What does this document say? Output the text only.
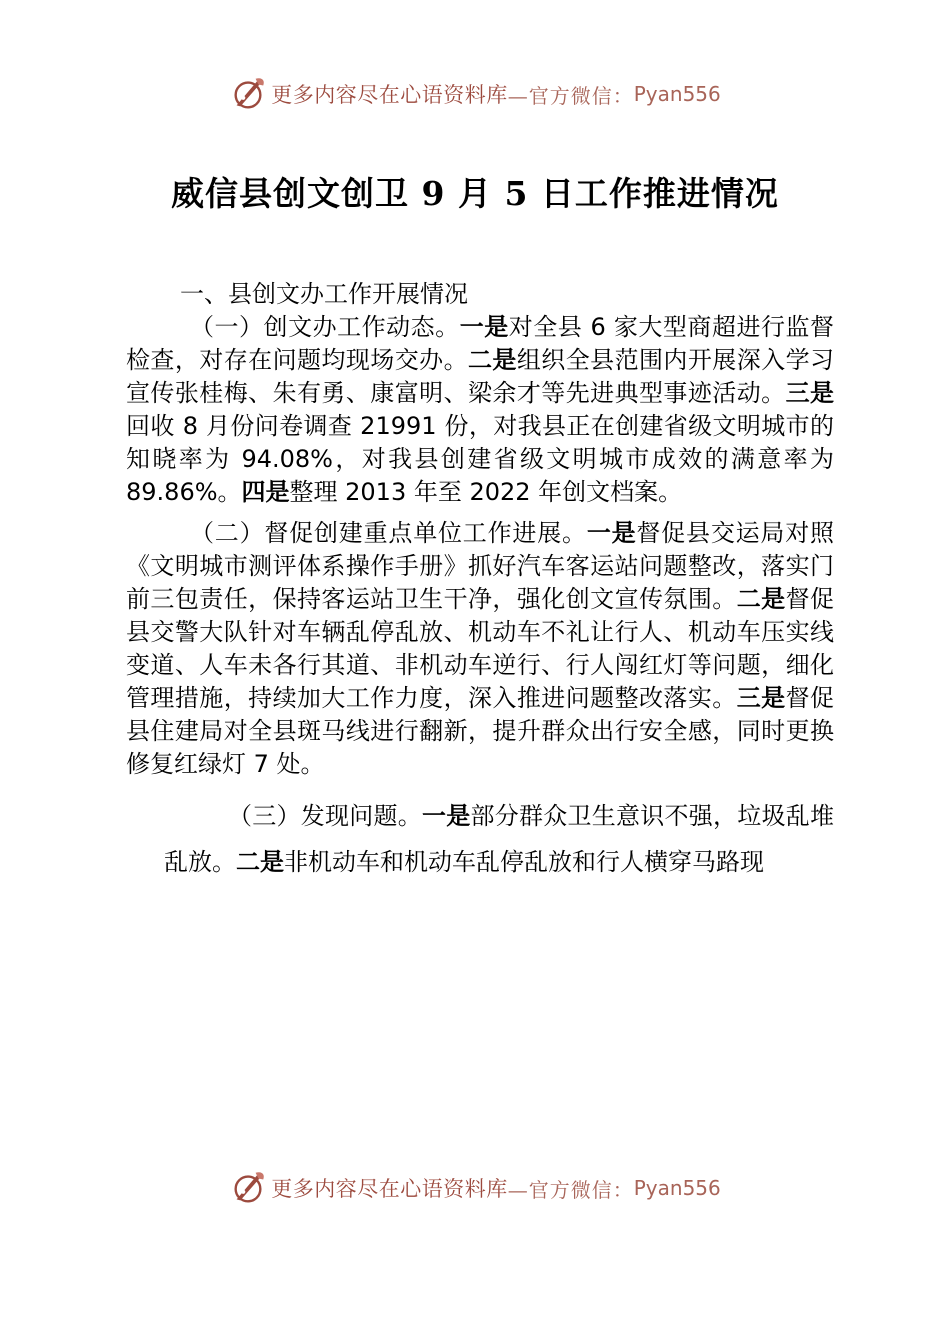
更多内容尽在心语资料库 —官方微信： Pyan556
威信县创文创卫 9 月 5 日工作推进情况

一、县创文办工作开展情况

（一）创文办工作动态。一是对全县 6 家大型商超进行监督检查，对存在问题均现场交办。二是组织全县范围内开展深入学习宣传张桂梅、朱有勇、康富明、梁余才等先进典型事迹活动。三是回收 8 月份问卷调查 21991 份，对我县正在创建省级文明城市的知晓率为 94.08%，对我县创建省级文明城市成效的满意率为 89.86%。四是整理 2013 年至 2022 年创文档案。

（二）督促创建重点单位工作进展。一是督促县交运局对照《文明城市测评体系操作手册》抓好汽车客运站问题整改，落实门前三包责任，保持客运站卫生干净，强化创文宣传氛围。二是督促县交警大队针对车辆乱停乱放、机动车不礼让行人、机动车压实线变道、人车未各行其道、非机动车逆行、行人闯红灯等问题，细化管理措施，持续加大工作力度，深入推进问题整改落实。三是督促县住建局对全县斑马线进行翻新，提升群众出行安全感，同时更换修复红绿灯 7 处。

（三）发现问题。一是部分群众卫生意识不强，垃圾乱堆乱放。二是非机动车和机动车乱停乱放和行人横穿马路现

更多内容尽在心语资料库 —官方微信： Pyan556
